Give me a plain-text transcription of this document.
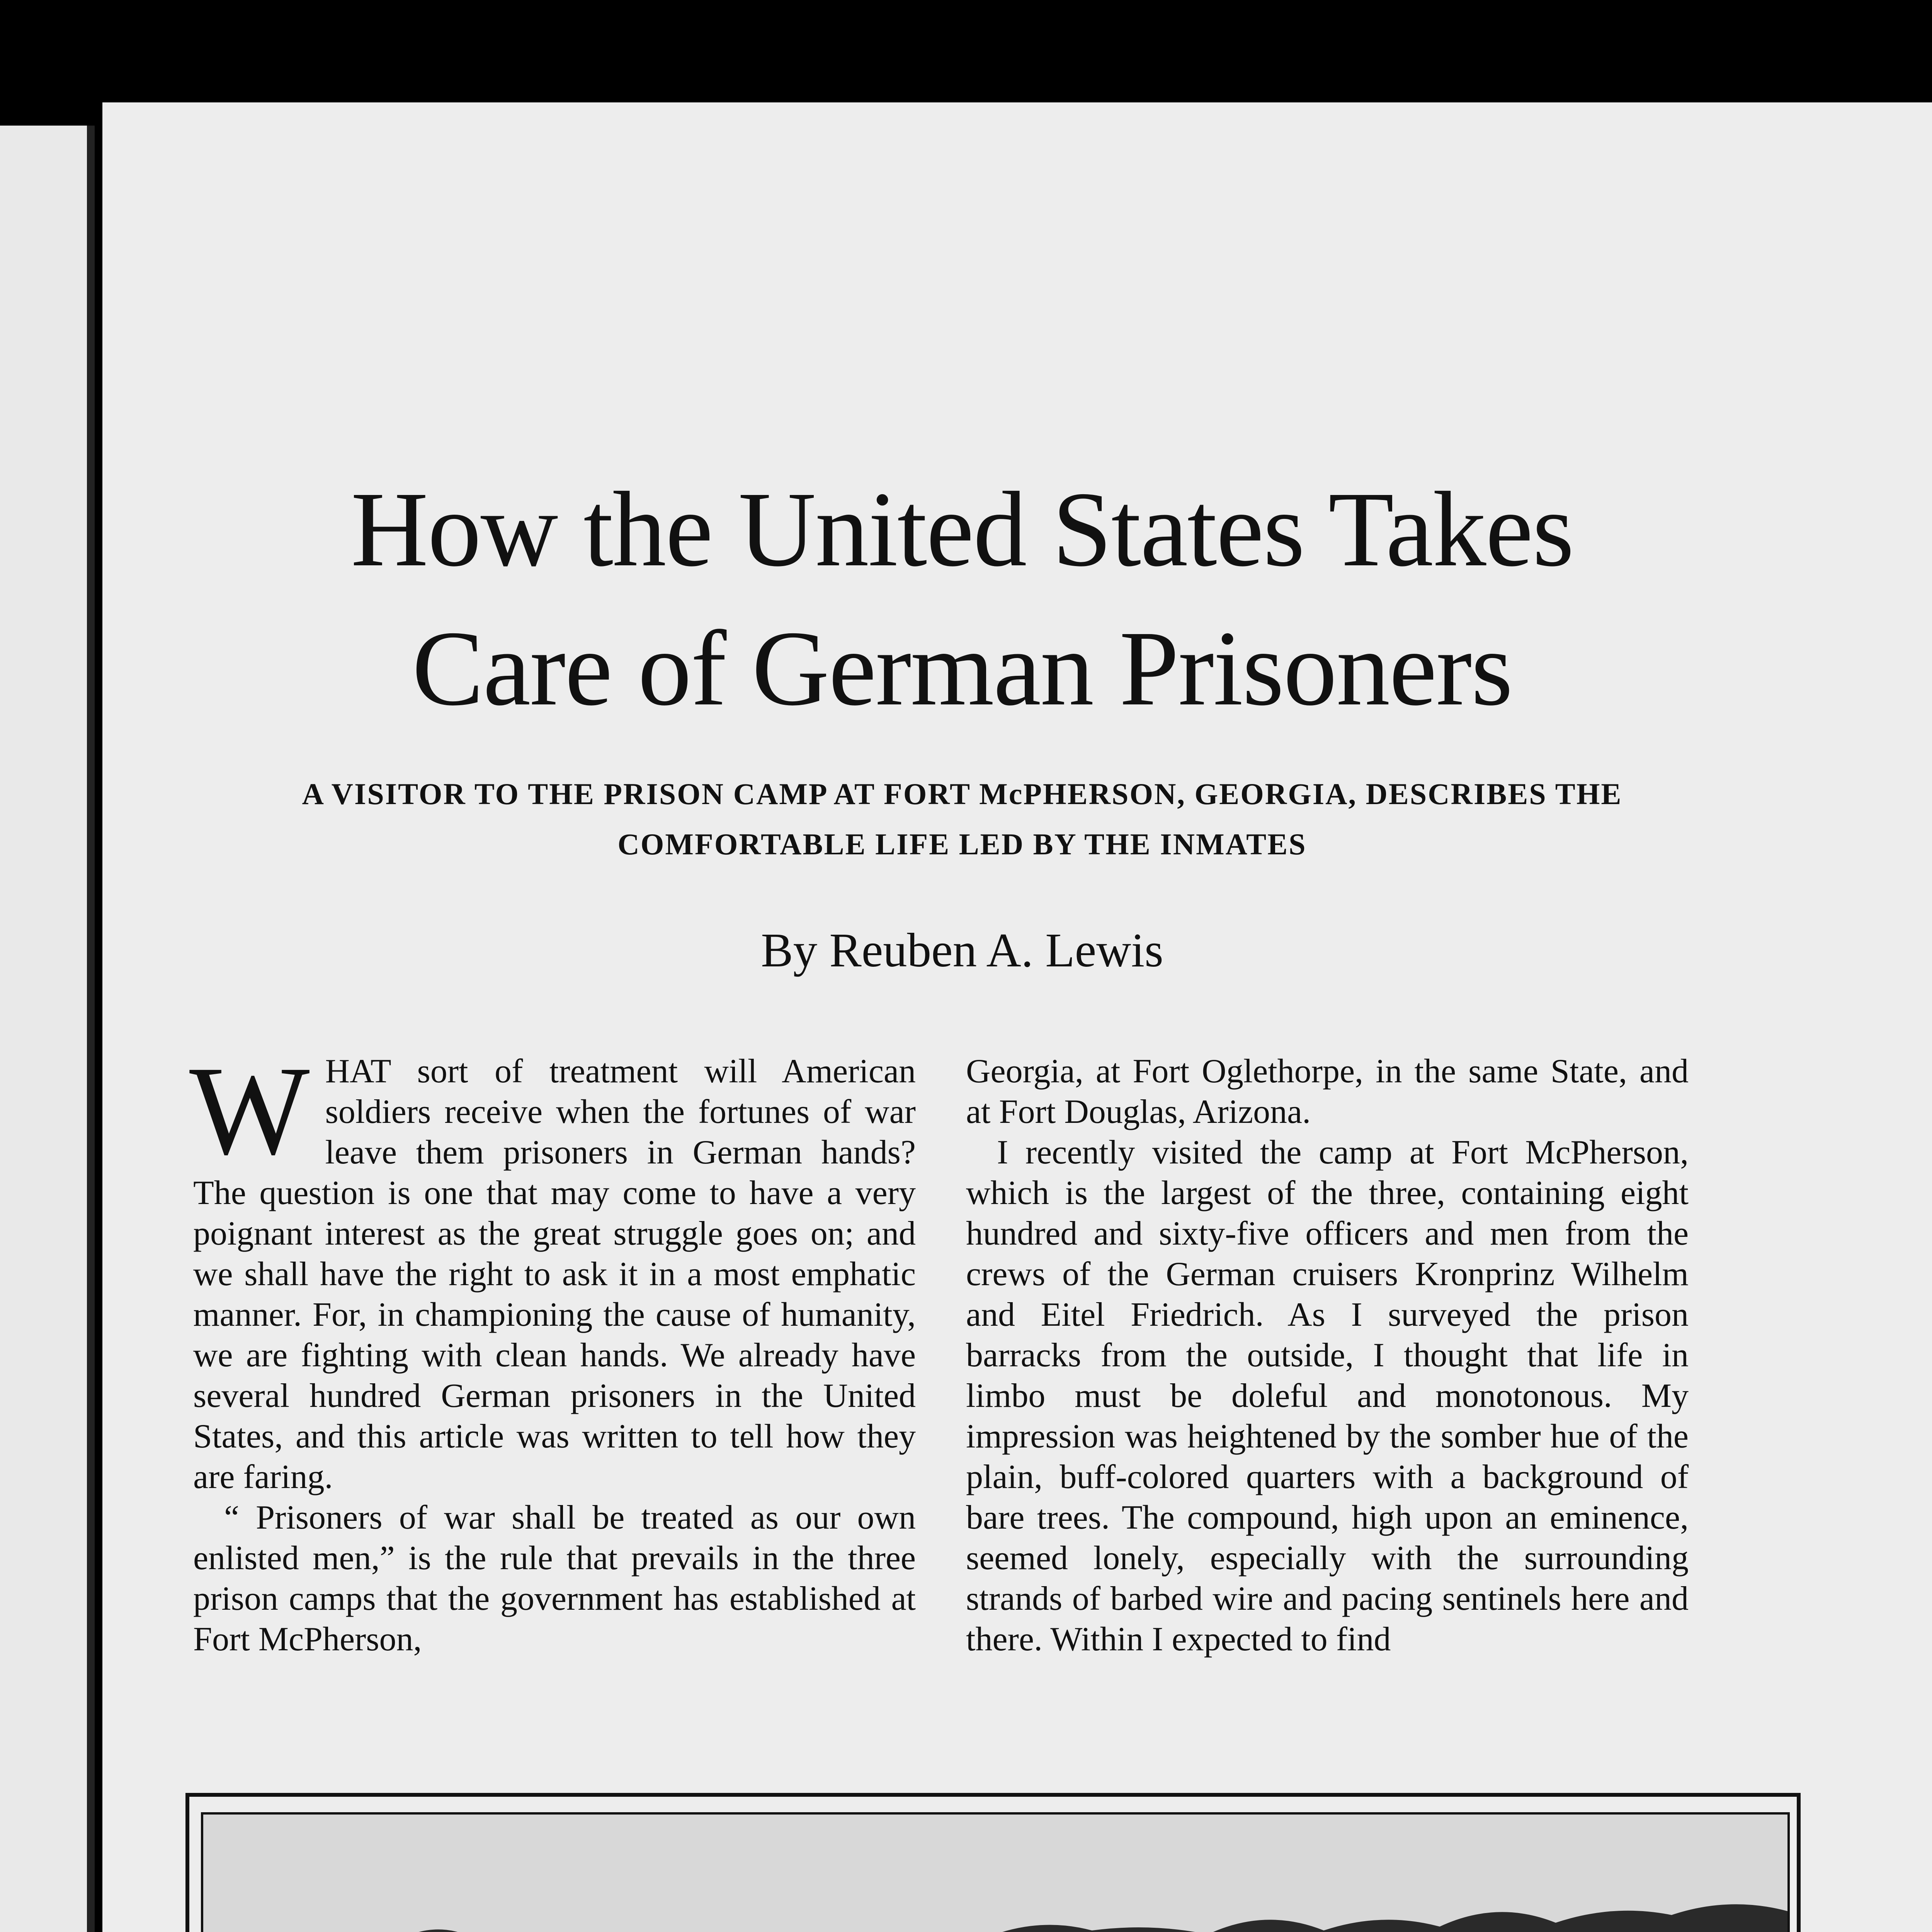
How the United States Takes
Care of German Prisoners
A VISITOR TO THE PRISON CAMP AT FORT McPHERSON, GEORGIA, DESCRIBES THE
COMFORTABLE LIFE LED BY THE INMATES
By Reuben A. Lewis

WHAT sort of treatment will American soldiers receive when the fortunes of war leave them prisoners in German hands? The question is one that may come to have a very poignant interest as the great struggle goes on; and we shall have the right to ask it in a most emphatic manner. For, in championing the cause of humanity, we are fighting with clean hands. We already have several hundred German prisoners in the United States, and this article was written to tell how they are faring.

“ Prisoners of war shall be treated as our own enlisted men,” is the rule that prevails in the three prison camps that the government has established at Fort McPherson,

Georgia, at Fort Oglethorpe, in the same State, and at Fort Douglas, Arizona.

I recently visited the camp at Fort McPherson, which is the largest of the three, containing eight hundred and sixty-five officers and men from the crews of the German cruisers Kronprinz Wilhelm and Eitel Friedrich. As I surveyed the prison barracks from the outside, I thought that life in limbo must be doleful and monotonous. My impression was heightened by the somber hue of the plain, buff-colored quarters with a background of bare trees. The compound, high upon an eminence, seemed lonely, especially with the surrounding strands of barbed wire and pacing sentinels here and there. Within I expected to find
